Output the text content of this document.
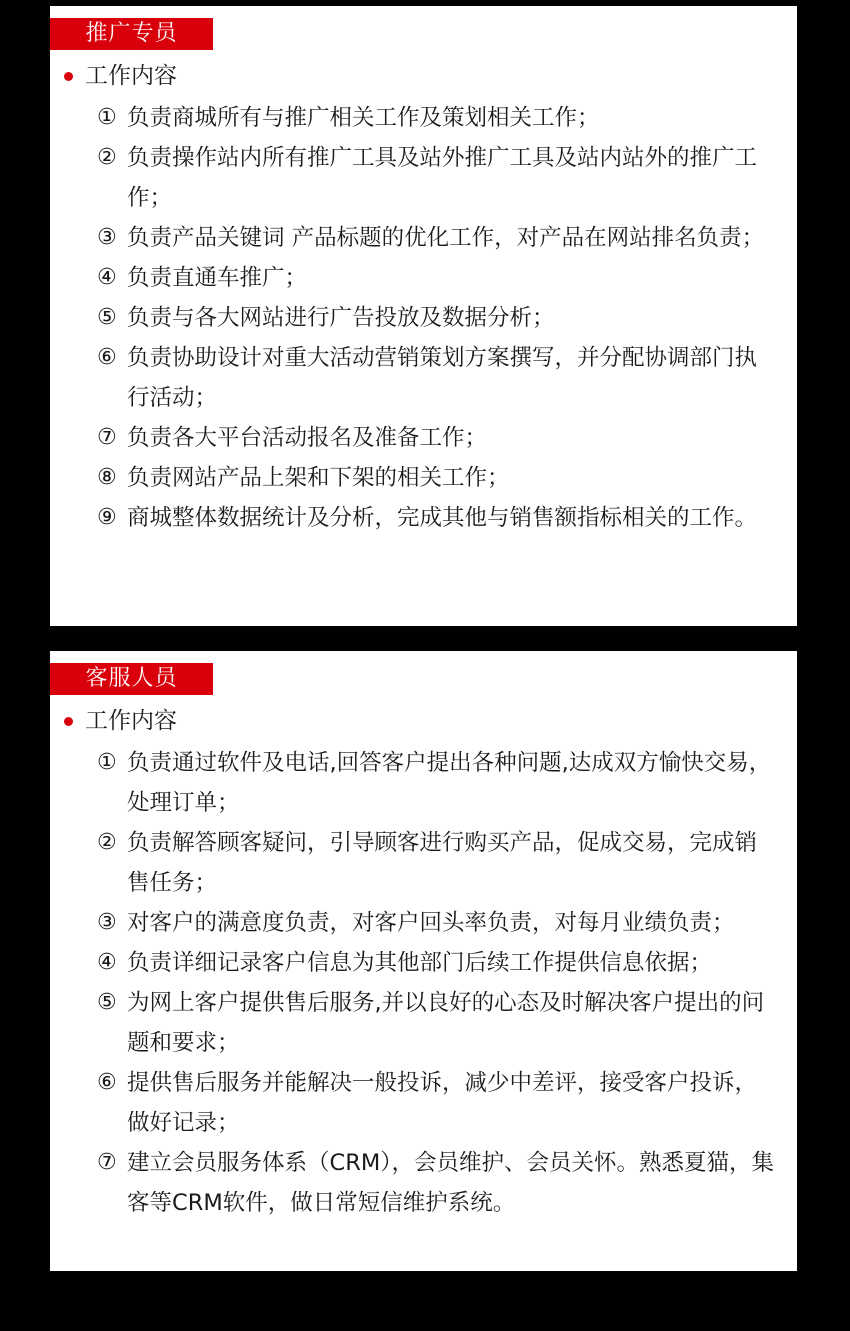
推广专员
工作内容
① 负责商城所有与推广相关工作及策划相关工作；
② 负责操作站内所有推广工具及站外推广工具及站内站外的推广工作；
③ 负责产品关键词 产品标题的优化工作，对产品在网站排名负责；
④ 负责直通车推广；
⑤ 负责与各大网站进行广告投放及数据分析；
⑥ 负责协助设计对重大活动营销策划方案撰写，并分配协调部门执行活动；
⑦ 负责各大平台活动报名及准备工作；
⑧ 负责网站产品上架和下架的相关工作；
⑨ 商城整体数据统计及分析，完成其他与销售额指标相关的工作。
客服人员
工作内容
① 负责通过软件及电话,回答客户提出各种问题,达成双方愉快交易，处理订单；
② 负责解答顾客疑问，引导顾客进行购买产品，促成交易，完成销售任务；
③ 对客户的满意度负责，对客户回头率负责，对每月业绩负责；
④ 负责详细记录客户信息为其他部门后续工作提供信息依据；
⑤ 为网上客户提供售后服务,并以良好的心态及时解决客户提出的问题和要求；
⑥ 提供售后服务并能解决一般投诉，减少中差评，接受客户投诉，做好记录；
⑦ 建立会员服务体系（CRM），会员维护、会员关怀。熟悉夏猫，集客等CRM软件，做日常短信维护系统。
